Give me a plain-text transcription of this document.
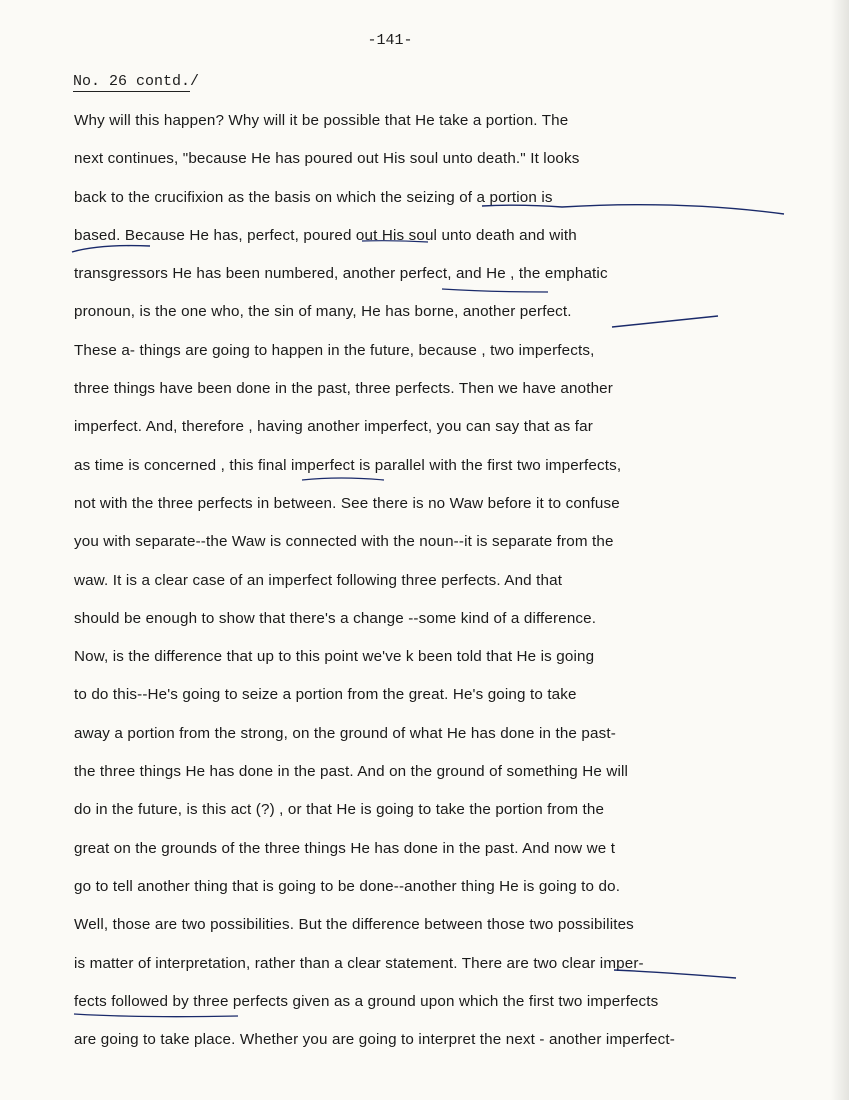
-141-
No. 26 contd./
Why will this happen? Why will it be possible that He take a portion. The
next continues, "because He has poured out His soul unto death." It looks
back to the crucifixion as the basis on which the seizing of a portion is
based. Because He has, perfect, poured out His soul unto death and with
transgressors He has been numbered, another perfect, and He , the emphatic
pronoun, is the one who, the sin of many, He has borne, another perfect.
These a- things are going to happen in the future, because , two imperfects,
three things have been done in the past, three perfects. Then we have another
imperfect. And, therefore , having another imperfect, you can say that as far
as time is concerned , this final imperfect is parallel with the first two imperfects,
not with the three perfects in between. See there is no Waw before it to confuse
you with separate--the Waw is connected with the noun--it is separate from the
waw. It is a clear case of an imperfect following three perfects. And that
should be enough to show that there's a change --some kind of a difference.
Now, is the difference that up to this point we've k been told that He is going
to do this--He's going to seize a portion from the great. He's going to take
away a portion from the strong, on the ground of what He has done in the past-
the three things He has done in the past. And on the ground of something He will
do in the future, is this act (?) , or that He is going to take the portion from the
great on the grounds of the three things He has done in the past. And now we t
go to tell another thing that is going to be done--another thing He is going to do.
Well, those are two possibilities. But the difference between those two possibilites
is matter of interpretation, rather than a clear statement. There are two clear imper-
fects followed by three perfects given as a ground upon which the first two imperfects
are going to take place. Whether you are going to interpret the next - another imperfect-
